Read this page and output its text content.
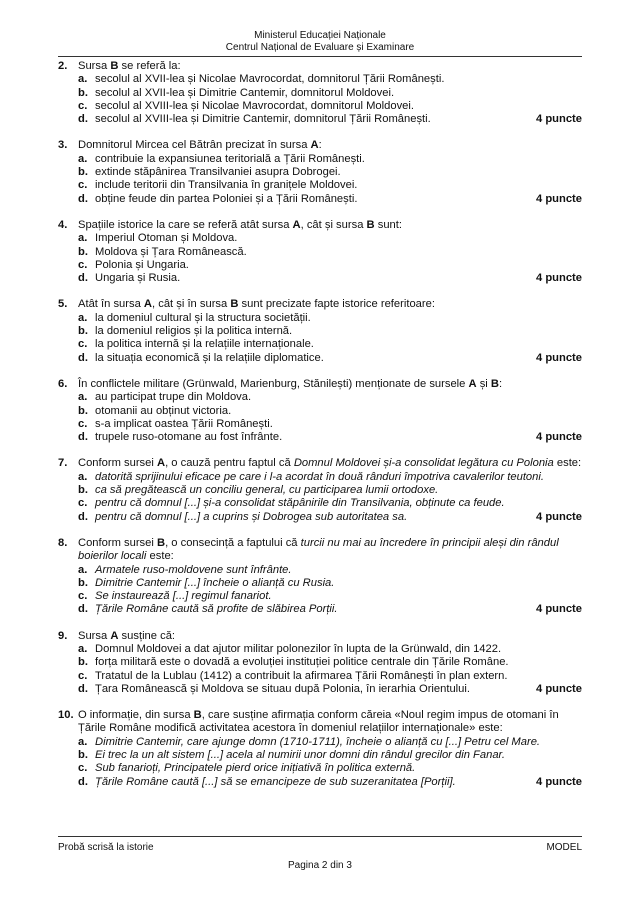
Ministerul Educației Naționale
Centrul Național de Evaluare și Examinare
2. Sursa B se referă la:
a. secolul al XVII-lea și Nicolae Mavrocordat, domnitorul Țării Românești.
b. secolul al XVII-lea și Dimitrie Cantemir, domnitorul Moldovei.
c. secolul al XVIII-lea și Nicolae Mavrocordat, domnitorul Moldovei.
d. secolul al XVIII-lea și Dimitrie Cantemir, domnitorul Țării Românești.	4 puncte
3. Domnitorul Mircea cel Bătrân precizat în sursa A:
a. contribuie la expansiunea teritorială a Țării Românești.
b. extinde stăpânirea Transilvaniei asupra Dobrogei.
c. include teritorii din Transilvania în granițele Moldovei.
d. obține feude din partea Poloniei și a Țării Românești.	4 puncte
4. Spațiile istorice la care se referă atât sursa A, cât și sursa B sunt:
a. Imperiul Otoman și Moldova.
b. Moldova și Țara Românească.
c. Polonia și Ungaria.
d. Ungaria și Rusia.	4 puncte
5. Atât în sursa A, cât și în sursa B sunt precizate fapte istorice referitoare:
a. la domeniul cultural și la structura societății.
b. la domeniul religios și la politica internă.
c. la politica internă și la relațiile internaționale.
d. la situația economică și la relațiile diplomatice.	4 puncte
6. În conflictele militare (Grünwald, Marienburg, Stănilești) menționate de sursele A și B:
a. au participat trupe din Moldova.
b. otomanii au obținut victoria.
c. s-a implicat oastea Țării Românești.
d. trupele ruso-otomane au fost înfrânte.	4 puncte
7. Conform sursei A, o cauză pentru faptul că Domnul Moldovei și-a consolidat legătura cu Polonia este:
a. datorită sprijinului eficace pe care i l-a acordat în două rânduri împotriva cavalerilor teutoni.
b. ca să pregătească un conciliu general, cu participarea lumii ortodoxe.
c. pentru că domnul [...] și-a consolidat stăpânirile din Transilvania, obținute ca feude.
d. pentru că domnul [...] a cuprins și Dobrogea sub autoritatea sa.	4 puncte
8. Conform sursei B, o consecință a faptului că turcii nu mai au încredere în principii aleși din rândul boierilor locali este:
a. Armatele ruso-moldovene sunt înfrânte.
b. Dimitrie Cantemir [...] încheie o alianță cu Rusia.
c. Se instaurează [...] regimul fanariot.
d. Țările Române caută să profite de slăbirea Porții.	4 puncte
9. Sursa A susține că:
a. Domnul Moldovei a dat ajutor militar polonezilor în lupta de la Grünwald, din 1422.
b. forța militară este o dovadă a evoluției instituției politice centrale din Țările Române.
c. Tratatul de la Lublau (1412) a contribuit la afirmarea Țării Românești în plan extern.
d. Țara Românească și Moldova se situau după Polonia, în ierarhia Orientului.	4 puncte
10. O informație, din sursa B, care susține afirmația conform căreia «Noul regim impus de otomani în Țările Române modifică activitatea acestora în domeniul relațiilor internaționale» este:
a. Dimitrie Cantemir, care ajunge domn (1710-1711), încheie o alianță cu [...] Petru cel Mare.
b. Ei trec la un alt sistem [...] acela al numirii unor domni din rândul grecilor din Fanar.
c. Sub fanarioți, Principatele pierd orice inițiativă în politica externă.
d. Țările Române caută [...] să se emancipeze de sub suzeranitatea [Porții].	4 puncte
Probă scrisă la istorie	MODEL
Pagina 2 din 3
